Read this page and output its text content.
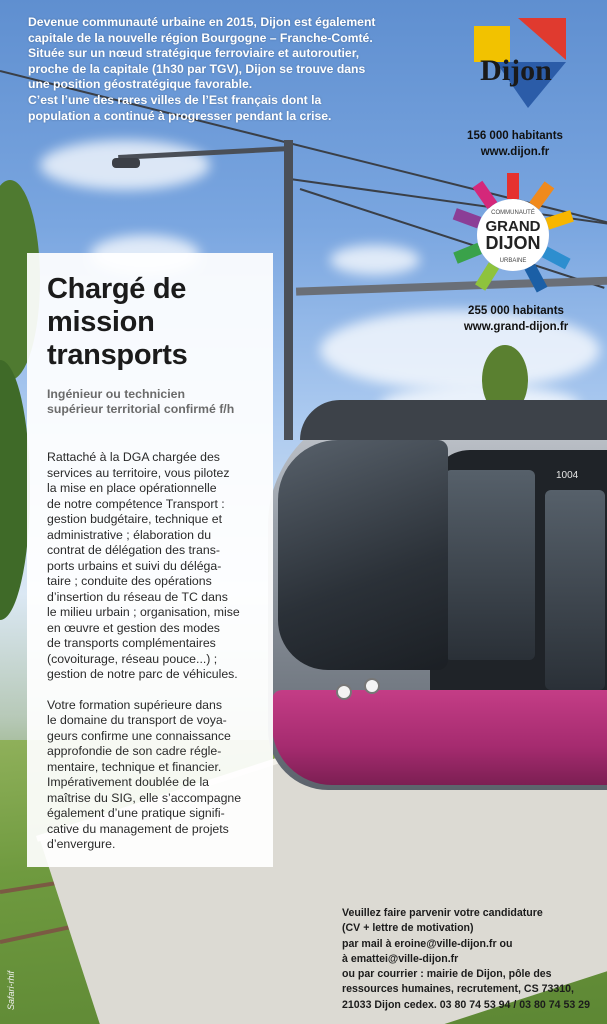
1004

Devenue communauté urbaine en 2015, Dijon est également

capitale de la nouvelle région Bourgogne – Franche-Comté.

Située sur un nœud stratégique ferroviaire et autoroutier,

proche de la capitale (1h30 par TGV), Dijon se trouve dans

une position géostratégique favorable.

C’est l’une des rares villes de l’Est français dont la

population a continué à progresser pendant la crise.

Dijon
156 000 habitants
www.dijon.fr
COMMUNAUTÉ
GRAND
DIJON
URBAINE
255 000 habitants
www.grand-dijon.fr
Chargé de
mission
transports
Ingénieur ou technicien
supérieur territorial confirmé f/h

Rattaché à la DGA chargée des
services au territoire, vous pilotez
la mise en place opérationnelle
de notre compétence Transport :
gestion budgétaire, technique et
administrative ; élaboration du
contrat de délégation des trans-
ports urbains et suivi du déléga-
taire ; conduite des opérations
d’insertion du réseau de TC dans
le milieu urbain ; organisation, mise
en œuvre et gestion des modes
de transports complémentaires
(covoiturage, réseau pouce...) ;
gestion de notre parc de véhicules.

Votre formation supérieure dans
le domaine du transport de voya-
geurs confirme une connaissance
approfondie de son cadre régle-
mentaire, technique et financier.
Impérativement doublée de la
maîtrise du SIG, elle s’accompagne
également d’une pratique signifi-
cative du management de projets
d’envergure.

Veuillez faire parvenir votre candidature
(CV + lettre de motivation)
par mail à eroine@ville-dijon.fr ou
à emattei@ville-dijon.fr
ou par courrier : mairie de Dijon, pôle des
ressources humaines, recrutement, CS 73310,
21033 Dijon cedex. 03 80 74 53 94 / 03 80 74 53 29
Safari-rhif
